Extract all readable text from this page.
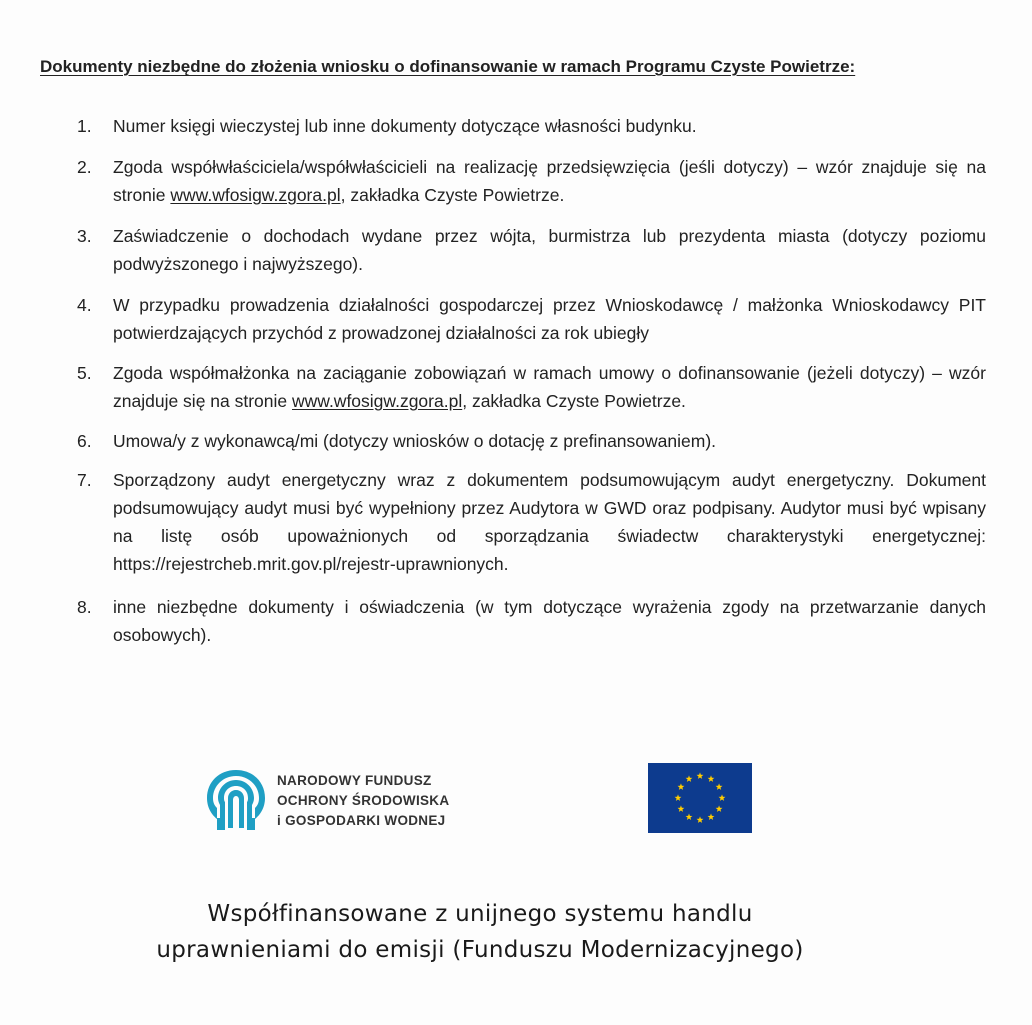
Dokumenty niezbędne do złożenia wniosku o dofinansowanie w ramach Programu Czyste Powietrze:
1.	Numer księgi wieczystej lub inne dokumenty dotyczące własności budynku.
2.	Zgoda współwłaściciela/współwłaścicieli na realizację przedsięwzięcia (jeśli dotyczy) – wzór znajduje się na stronie www.wfosigw.zgora.pl, zakładka Czyste Powietrze.
3.	Zaświadczenie o dochodach wydane przez wójta, burmistrza lub prezydenta miasta (dotyczy poziomu podwyższonego i najwyższego).
4.	W przypadku prowadzenia działalności gospodarczej przez Wnioskodawcę / małżonka Wnioskodawcy PIT potwierdzających przychód z prowadzonej działalności za rok ubiegły
5.	Zgoda współmałżonka na zaciąganie zobowiązań w ramach umowy o dofinansowanie (jeżeli dotyczy) – wzór znajduje się na stronie www.wfosigw.zgora.pl, zakładka Czyste Powietrze.
6.	Umowa/y z wykonawcą/mi (dotyczy wniosków o dotację z prefinansowaniem).
7.	Sporządzony audyt energetyczny wraz z dokumentem podsumowującym audyt energetyczny. Dokument podsumowujący audyt musi być wypełniony przez Audytora w GWD oraz podpisany. Audytor musi być wpisany na listę osób upoważnionych od sporządzania świadectw charakterystyki energetycznej: https://rejestrcheb.mrit.gov.pl/rejestr-uprawnionych.
8.	inne niezbędne dokumenty i oświadczenia (w tym dotyczące wyrażenia zgody na przetwarzanie danych osobowych).
NARODOWY FUNDUSZ
OCHRONY ŚRODOWISKA
i GOSPODARKI WODNEJ
Współfinansowane z unijnego systemu handlu
uprawnieniami do emisji (Funduszu Modernizacyjnego)
